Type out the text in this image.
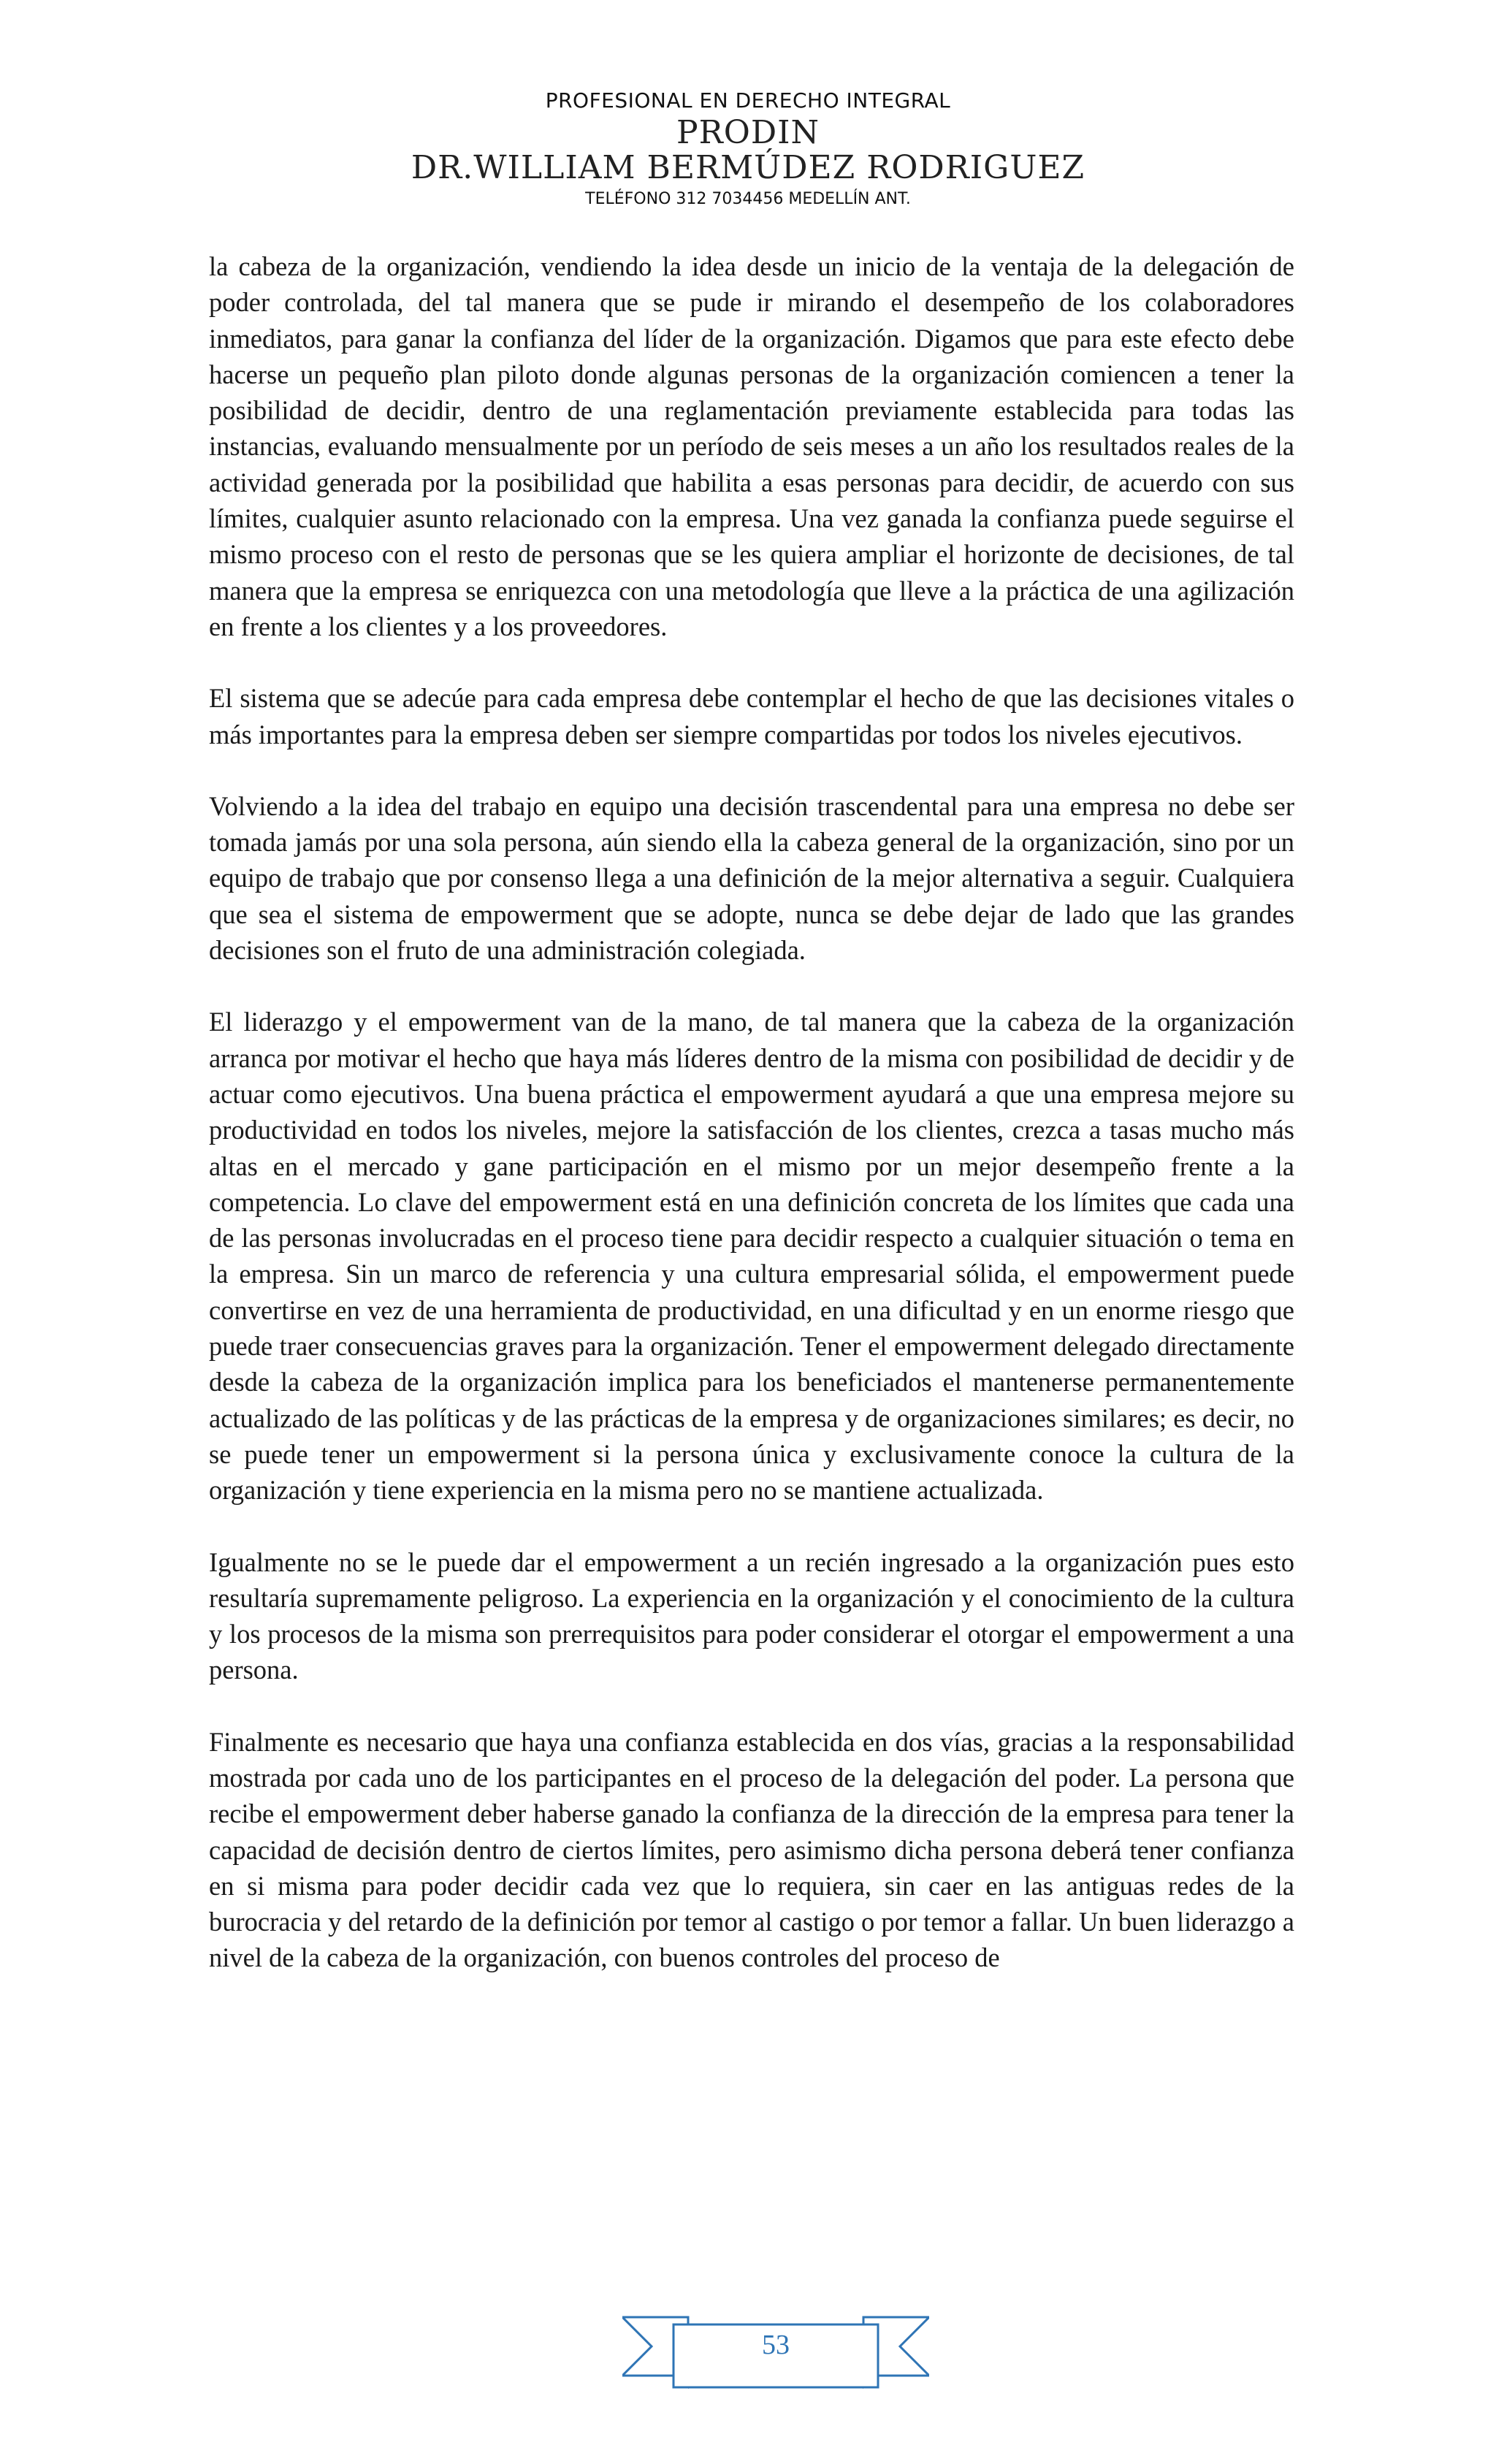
PROFESIONAL EN DERECHO INTEGRAL
PRODIN
DR.WILLIAM BERMÚDEZ RODRIGUEZ
TELÉFONO 312 7034456 MEDELLÍN ANT.

la cabeza de la organización, vendiendo la idea desde un inicio de la ventaja de la delegación de poder controlada, del tal manera que se pude ir mirando el desempeño de los colaboradores inmediatos, para ganar la confianza del líder de la organización. Digamos que para este efecto debe hacerse un pequeño plan piloto donde algunas personas de la organización comiencen a tener la posibilidad de decidir, dentro de una reglamentación previamente establecida para todas las instancias, evaluando mensualmente por un período de seis meses a un año los resultados reales de la actividad generada por la posibilidad que habilita a esas personas para decidir, de acuerdo con sus límites, cualquier asunto relacionado con la empresa. Una vez ganada la confianza puede seguirse el mismo proceso con el resto de personas que se les quiera ampliar el horizonte de decisiones, de tal manera que la empresa se enriquezca con una metodología que lleve a la práctica de una agilización en frente a los clientes y a los proveedores.

El sistema que se adecúe para cada empresa debe contemplar el hecho de que las decisiones vitales o más importantes para la empresa deben ser siempre compartidas por todos los niveles ejecutivos.

Volviendo a la idea del trabajo en equipo una decisión trascendental para una empresa no debe ser tomada jamás por una sola persona, aún siendo ella la cabeza general de la organización, sino por un equipo de trabajo que por consenso llega a una definición de la mejor alternativa a seguir. Cualquiera que sea el sistema de empowerment que se adopte, nunca se debe dejar de lado que las grandes decisiones son el fruto de una administración colegiada.

El liderazgo y el empowerment van de la mano, de tal manera que la cabeza de la organización arranca por motivar el hecho que haya más líderes dentro de la misma con posibilidad de decidir y de actuar como ejecutivos. Una buena práctica el empowerment ayudará a que una empresa mejore su productividad en todos los niveles, mejore la satisfacción de los clientes, crezca a tasas mucho más altas en el mercado y gane participación en el mismo por un mejor desempeño frente a la competencia. Lo clave del empowerment está en una definición concreta de los límites que cada una de las personas involucradas en el proceso tiene para decidir respecto a cualquier situación o tema en la empresa. Sin un marco de referencia y una cultura empresarial sólida, el empowerment puede convertirse en vez de una herramienta de productividad, en una dificultad y en un enorme riesgo que puede traer consecuencias graves para la organización. Tener el empowerment delegado directamente desde la cabeza de la organización implica para los beneficiados el mantenerse permanentemente actualizado de las políticas y de las prácticas de la empresa y de organizaciones similares; es decir, no se puede tener un empowerment si la persona única y exclusivamente conoce la cultura de la organización y tiene experiencia en la misma pero no se mantiene actualizada.

Igualmente no se le puede dar el empowerment a un recién ingresado a la organización pues esto resultaría supremamente peligroso. La experiencia en la organización y el conocimiento de la cultura y los procesos de la misma son prerrequisitos para poder considerar el otorgar el empowerment a una persona.

Finalmente es necesario que haya una confianza establecida en dos vías, gracias a la responsabilidad mostrada por cada uno de los participantes en el proceso de la delegación del poder. La persona que recibe el empowerment deber haberse ganado la confianza de la dirección de la empresa para tener la capacidad de decisión dentro de ciertos límites, pero asimismo dicha persona deberá tener confianza en si misma para poder decidir cada vez que lo requiera, sin caer en las antiguas redes de la burocracia y del retardo de la definición por temor al castigo o por temor a fallar. Un buen liderazgo a nivel de la cabeza de la organización, con buenos controles del proceso de

53
